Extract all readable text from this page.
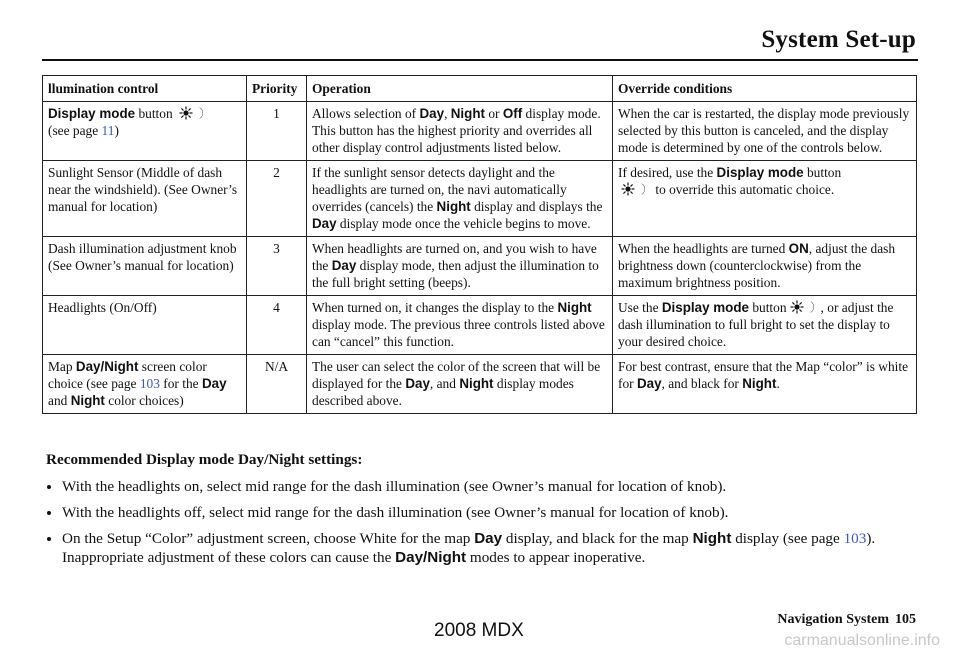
System Set-up
llumination control	Priority	Operation	Override conditions
Display mode button

(see page 11)	1	Allows selection of Day, Night or Off display mode. This button has the highest priority and overrides all other display control adjustments listed below.	When the car is restarted, the display mode previously selected by this button is canceled, and the display mode is determined by one of the controls below.
Sunlight Sensor (Middle of dash near the windshield). (See Owner’s manual for location)	2	If the sunlight sensor detects daylight and the headlights are turned on, the navi automatically overrides (cancels) the Night display and displays the Day display mode once the vehicle begins to move.	If desired, use the Display mode button

to override this automatic choice.
Dash illumination adjustment knob (See Owner’s manual for location)	3	When headlights are turned on, and you wish to have the Day display mode, then adjust the illumination to the full bright setting (beeps).	When the headlights are turned ON, adjust the dash brightness down (counterclockwise) from the maximum brightness position.
Headlights (On/Off)	4	When turned on, it changes the display to the Night display mode. The previous three controls listed above can “cancel” this function.	Use the Display mode button , or adjust the dash illumination to full bright to set the display to your desired choice.
Map Day/Night screen color choice (see page 103 for the Day and Night color choices)	N/A	The user can select the color of the screen that will be displayed for the Day, and Night display modes described above.	For best contrast, ensure that the Map “color” is white for Day, and black for Night.
Recommended Display mode Day/Night settings:
• With the headlights on, select mid range for the dash illumination (see Owner’s manual for location of knob).
• With the headlights off, select mid range for the dash illumination (see Owner’s manual for location of knob).
• On the Setup “Color” adjustment screen, choose White for the map Day display, and black for the map Night display (see page 103). Inappropriate adjustment of these colors can cause the Day/Night modes to appear inoperative.
Navigation System 105
2008 MDX	carmanualsonline.info
